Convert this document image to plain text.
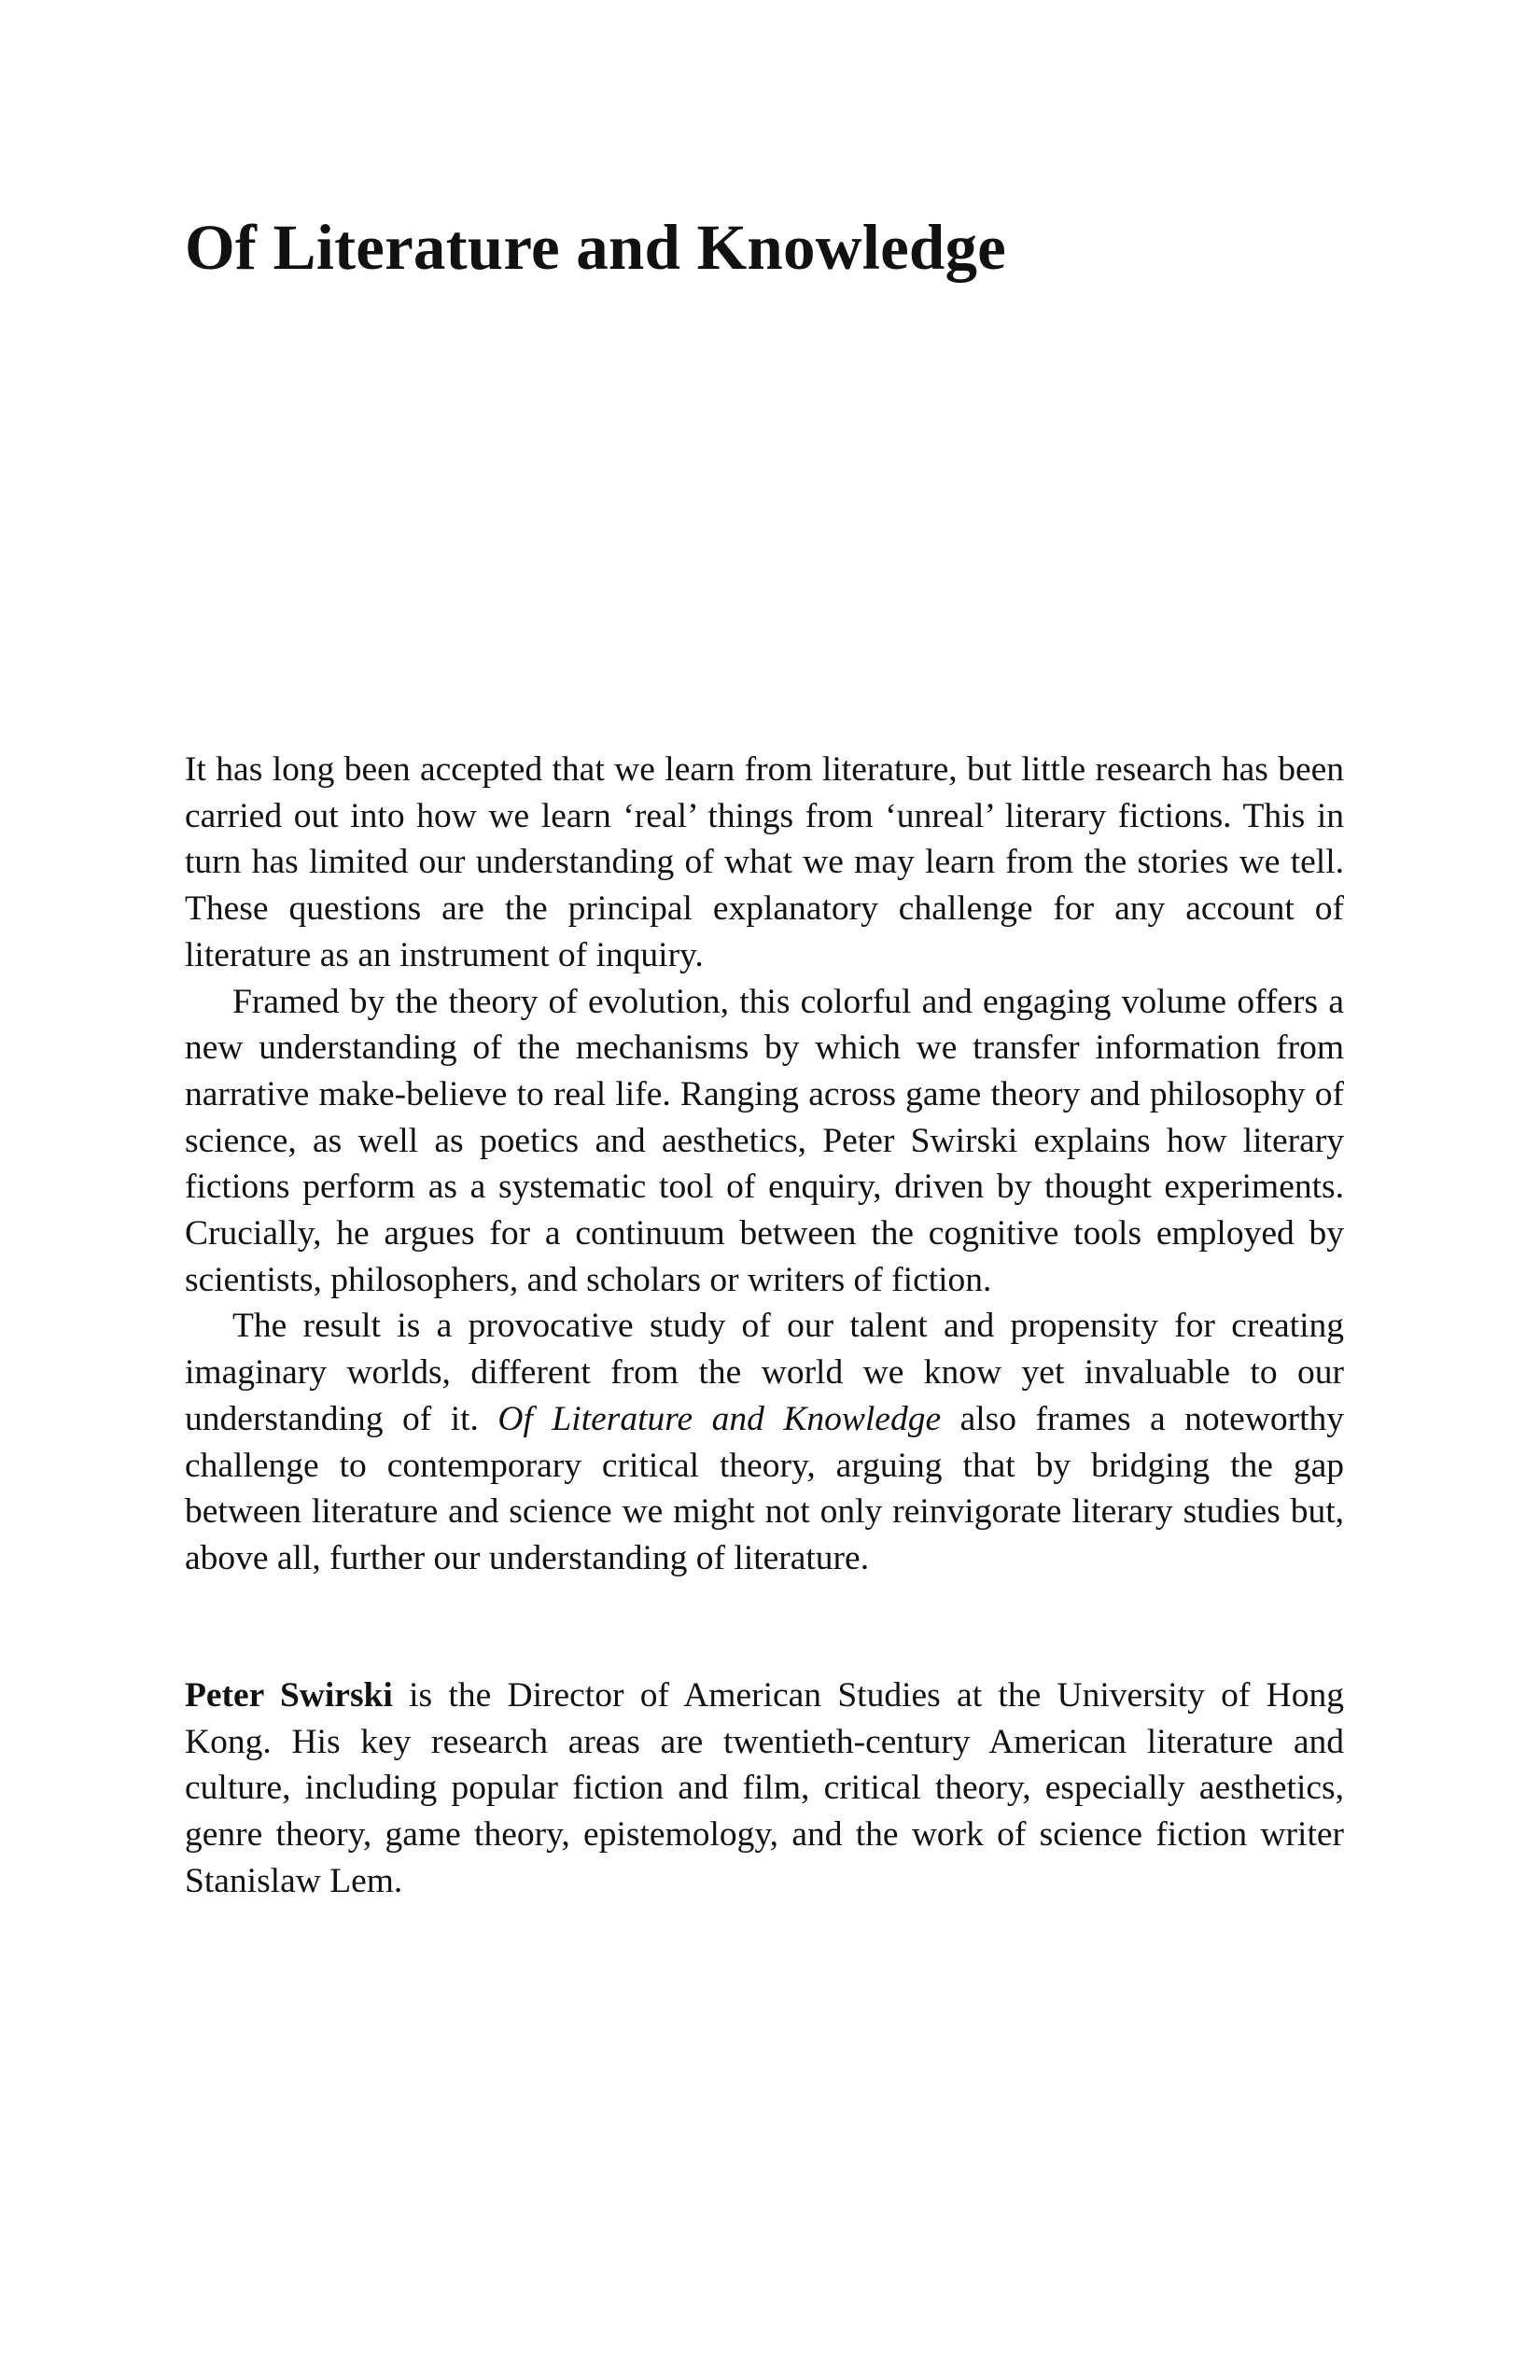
Of Literature and Knowledge

It has long been accepted that we learn from literature, but little research has been carried out into how we learn ‘real’ things from ‘unreal’ literary fictions. This in turn has limited our understanding of what we may learn from the stories we tell. These questions are the principal explanatory challenge for any account of literature as an instrument of inquiry.

Framed by the theory of evolution, this colorful and engaging volume offers a new understanding of the mechanisms by which we transfer information from narrative make-believe to real life. Ranging across game theory and philosophy of science, as well as poetics and aesthetics, Peter Swirski explains how literary fictions perform as a systematic tool of enquiry, driven by thought experiments. Crucially, he argues for a continuum between the cognitive tools employed by scientists, philosophers, and scholars or writers of fiction.

The result is a provocative study of our talent and propensity for creating imaginary worlds, different from the world we know yet invaluable to our understanding of it. Of Literature and Knowledge also frames a noteworthy challenge to contemporary critical theory, arguing that by bridging the gap between literature and science we might not only reinvigorate literary studies but, above all, further our understanding of literature.

Peter Swirski is the Director of American Studies at the University of Hong Kong. His key research areas are twentieth-century American literature and culture, including popular fiction and film, critical theory, especially aesthetics, genre theory, game theory, epistemology, and the work of science fiction writer Stanislaw Lem.
